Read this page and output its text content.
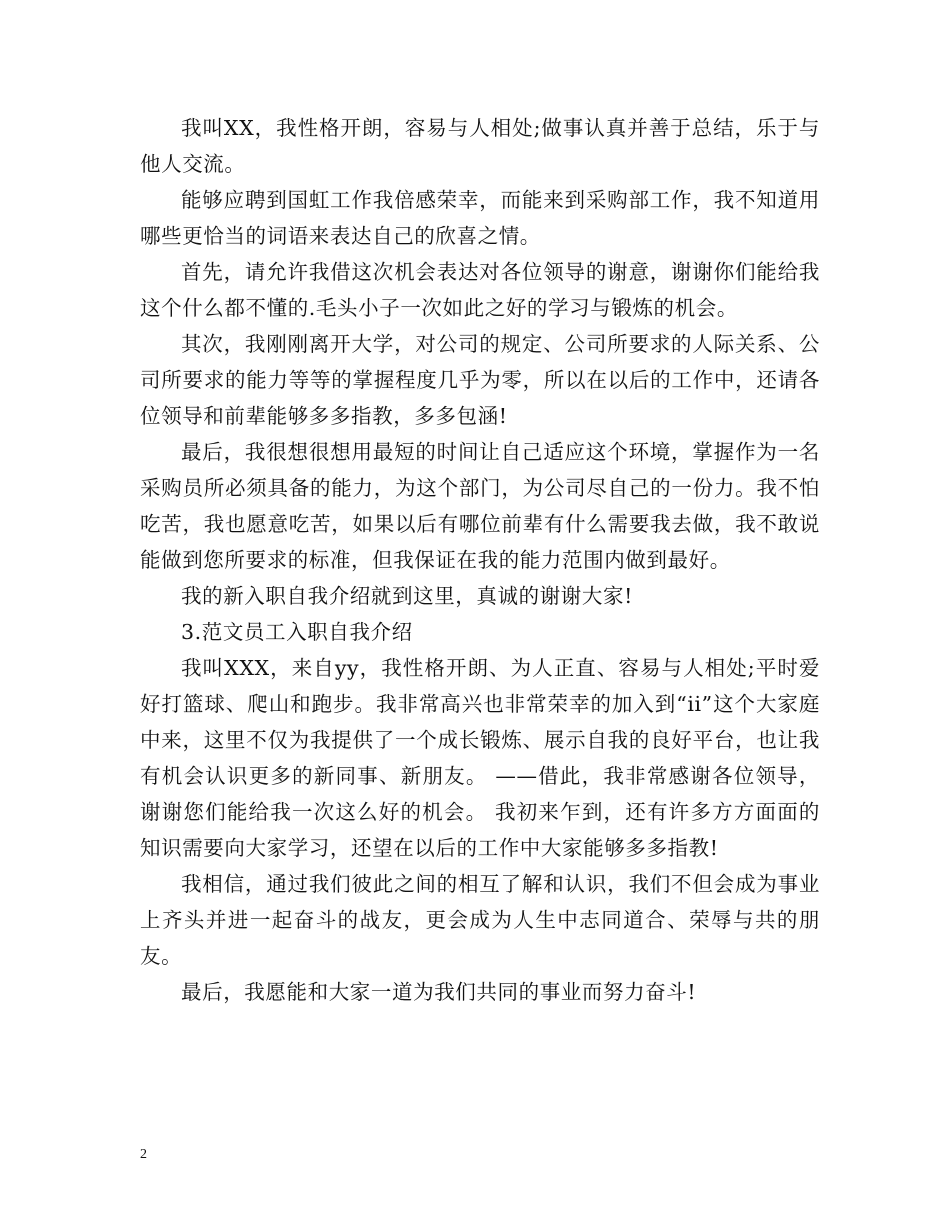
我叫XX，我性格开朗，容易与人相处;做事认真并善于总结，乐于与他人交流。

能够应聘到国虹工作我倍感荣幸，而能来到采购部工作，我不知道用哪些更恰当的词语来表达自己的欣喜之情。

首先，请允许我借这次机会表达对各位领导的谢意，谢谢你们能给我这个什么都不懂的.毛头小子一次如此之好的学习与锻炼的机会。

其次，我刚刚离开大学，对公司的规定、公司所要求的人际关系、公司所要求的能力等等的掌握程度几乎为零，所以在以后的工作中，还请各位领导和前辈能够多多指教，多多包涵!

最后，我很想很想用最短的时间让自己适应这个环境，掌握作为一名采购员所必须具备的能力，为这个部门，为公司尽自己的一份力。我不怕吃苦，我也愿意吃苦，如果以后有哪位前辈有什么需要我去做，我不敢说能做到您所要求的标准，但我保证在我的能力范围内做到最好。

我的新入职自我介绍就到这里，真诚的谢谢大家!

3.范文员工入职自我介绍

我叫XXX，来自yy，我性格开朗、为人正直、容易与人相处;平时爱好打篮球、爬山和跑步。我非常高兴也非常荣幸的加入到“ii”这个大家庭中来，这里不仅为我提供了一个成长锻炼、展示自我的良好平台，也让我有机会认识更多的新同事、新朋友。 ——借此，我非常感谢各位领导，谢谢您们能给我一次这么好的机会。 我初来乍到，还有许多方方面面的知识需要向大家学习，还望在以后的工作中大家能够多多指教!

我相信，通过我们彼此之间的相互了解和认识，我们不但会成为事业上齐头并进一起奋斗的战友，更会成为人生中志同道合、荣辱与共的朋友。

最后，我愿能和大家一道为我们共同的事业而努力奋斗!

2
